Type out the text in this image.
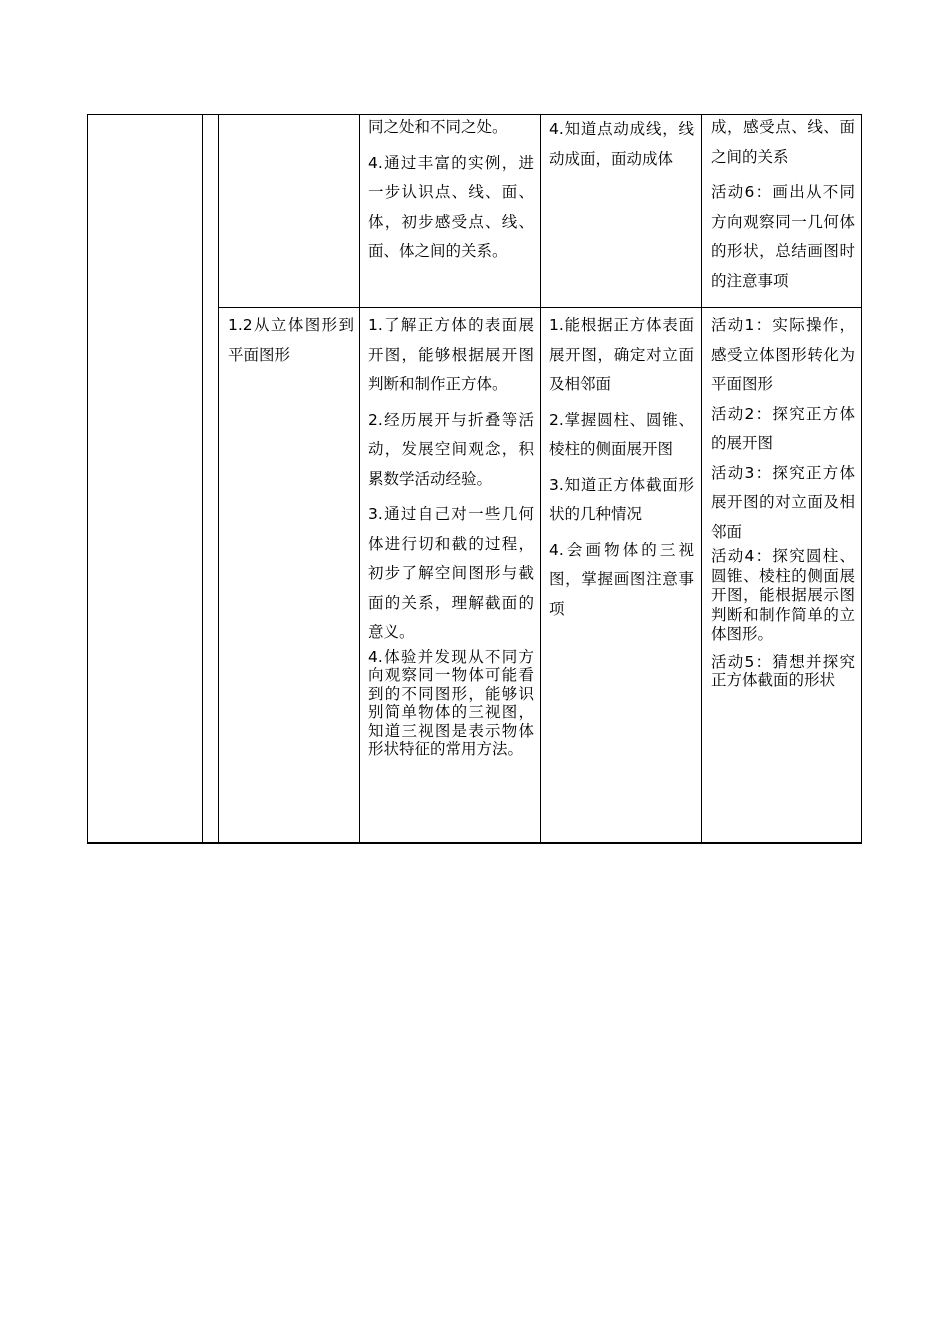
同之处和不同之处。

4.通过丰富的实例，进一步认识点、线、面、体，初步感受点、线、面、体之间的关系。

4.知道点动成线，线动成面，面动成体

成，感受点、线、面之间的关系

活动6：画出从不同方向观察同一几何体的形状，总结画图时的注意事项

1.2从立体图形到平面图形

1.了解正方体的表面展开图，能够根据展开图判断和制作正方体。

2.经历展开与折叠等活动，发展空间观念，积累数学活动经验。

3.通过自己对一些几何体进行切和截的过程，初步了解空间图形与截面的关系，理解截面的意义。

4.体验并发现从不同方向观察同一物体可能看到的不同图形，能够识别简单物体的三视图，知道三视图是表示物体形状特征的常用方法。

1.能根据正方体表面展开图，确定对立面及相邻面

2.掌握圆柱、圆锥、棱柱的侧面展开图

3.知道正方体截面形状的几种情况

4.会画物体的三视图，掌握画图注意事项

活动1：实际操作，感受立体图形转化为平面图形

活动2：探究正方体的展开图

活动3：探究正方体展开图的对立面及相邻面

活动4：探究圆柱、圆锥、棱柱的侧面展开图，能根据展示图判断和制作简单的立体图形。

活动5：猜想并探究正方体截面的形状
